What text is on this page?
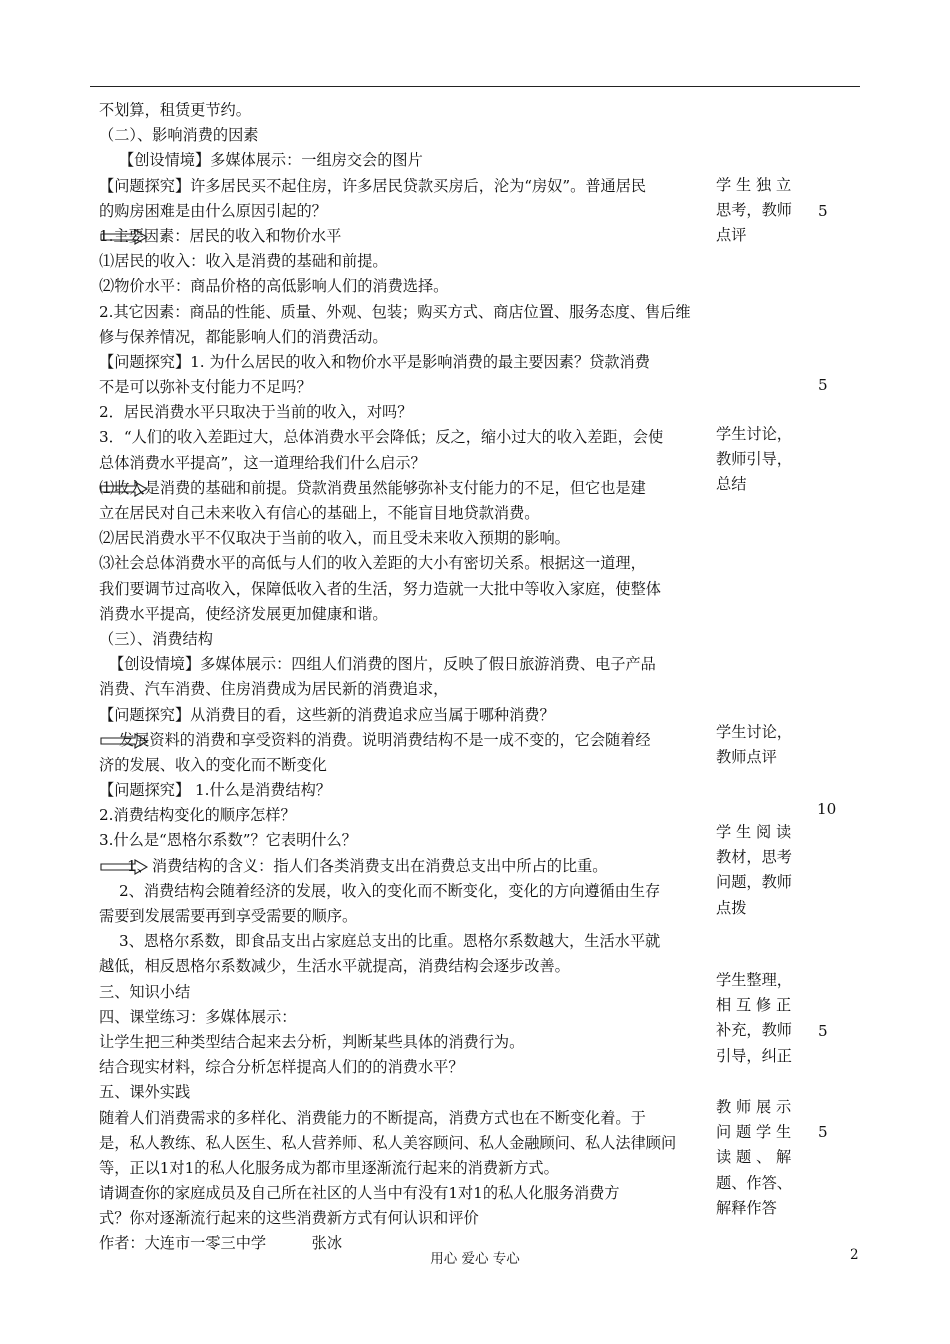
不划算，租赁更节约。
（二）、影响消费的因素
【创设情境】多媒体展示：一组房交会的图片
【问题探究】许多居民买不起住房，许多居民贷款买房后，沦为“房奴”。普通居民
的购房困难是由什么原因引起的？
1.主要因素：居民的收入和物价水平
⑴居民的收入：收入是消费的基础和前提。
⑵物价水平：商品价格的高低影响人们的消费选择。
2.其它因素：商品的性能、质量、外观、包装；购买方式、商店位置、服务态度、售后维
修与保养情况，都能影响人们的消费活动。
【问题探究】1. 为什么居民的收入和物价水平是影响消费的最主要因素？贷款消费
不是可以弥补支付能力不足吗？
2．居民消费水平只取决于当前的收入，对吗？
3．“人们的收入差距过大，总体消费水平会降低；反之，缩小过大的收入差距，会使
总体消费水平提高”，这一道理给我们什么启示？
⑴收入是消费的基础和前提。贷款消费虽然能够弥补支付能力的不足，但它也是建
立在居民对自己未来收入有信心的基础上，不能盲目地贷款消费。
⑵居民消费水平不仅取决于当前的收入，而且受未来收入预期的影响。
⑶社会总体消费水平的高低与人们的收入差距的大小有密切关系。根据这一道理，
我们要调节过高收入，保障低收入者的生活，努力造就一大批中等收入家庭，使整体
消费水平提高，使经济发展更加健康和谐。
（三）、消费结构
【创设情境】多媒体展示：四组人们消费的图片，反映了假日旅游消费、电子产品
消费、汽车消费、住房消费成为居民新的消费追求，
【问题探究】从消费目的看，这些新的消费追求应当属于哪种消费？
发展资料的消费和享受资料的消费。说明消费结构不是一成不变的，它会随着经
济的发展、收入的变化而不断变化
【问题探究】 1.什么是消费结构？
2.消费结构变化的顺序怎样？
3.什么是“恩格尔系数”？它表明什么？
1、消费结构的含义：指人们各类消费支出在消费总支出中所占的比重。
2、消费结构会随着经济的发展，收入的变化而不断变化，变化的方向遵循由生存
需要到发展需要再到享受需要的顺序。
3、恩格尔系数，即食品支出占家庭总支出的比重。恩格尔系数越大，生活水平就
越低，相反恩格尔系数减少，生活水平就提高，消费结构会逐步改善。
三、知识小结
四、课堂练习：多媒体展示：
让学生把三种类型结合起来去分析，判断某些具体的消费行为。
结合现实材料，综合分析怎样提高人们的的消费水平？
五、课外实践
随着人们消费需求的多样化、消费能力的不断提高，消费方式也在不断变化着。于
是，私人教练、私人医生、私人营养师、私人美容顾问、私人金融顾问、私人法律顾问
等，正以1对1的私人化服务成为都市里逐渐流行起来的消费新方式。
请调查你的家庭成员及自己所在社区的人当中有没有1对1的私人化服务消费方
式？你对逐渐流行起来的这些消费新方式有何认识和评价
作者：大连市一零三中学　　　张冰
学 生 独 立
思考，教师
点评
学生讨论，
教师引导，
总结
学生讨论，
教师点评
学 生 阅 读
教材，思考
问题，教师
点拨
学生整理，
相 互 修 正
补充，教师
引导，纠正
教 师 展 示
问 题 学 生
读 题 、 解
题、作答、
解释作答
5
5
10
5
5
用心 爱心 专心	2
